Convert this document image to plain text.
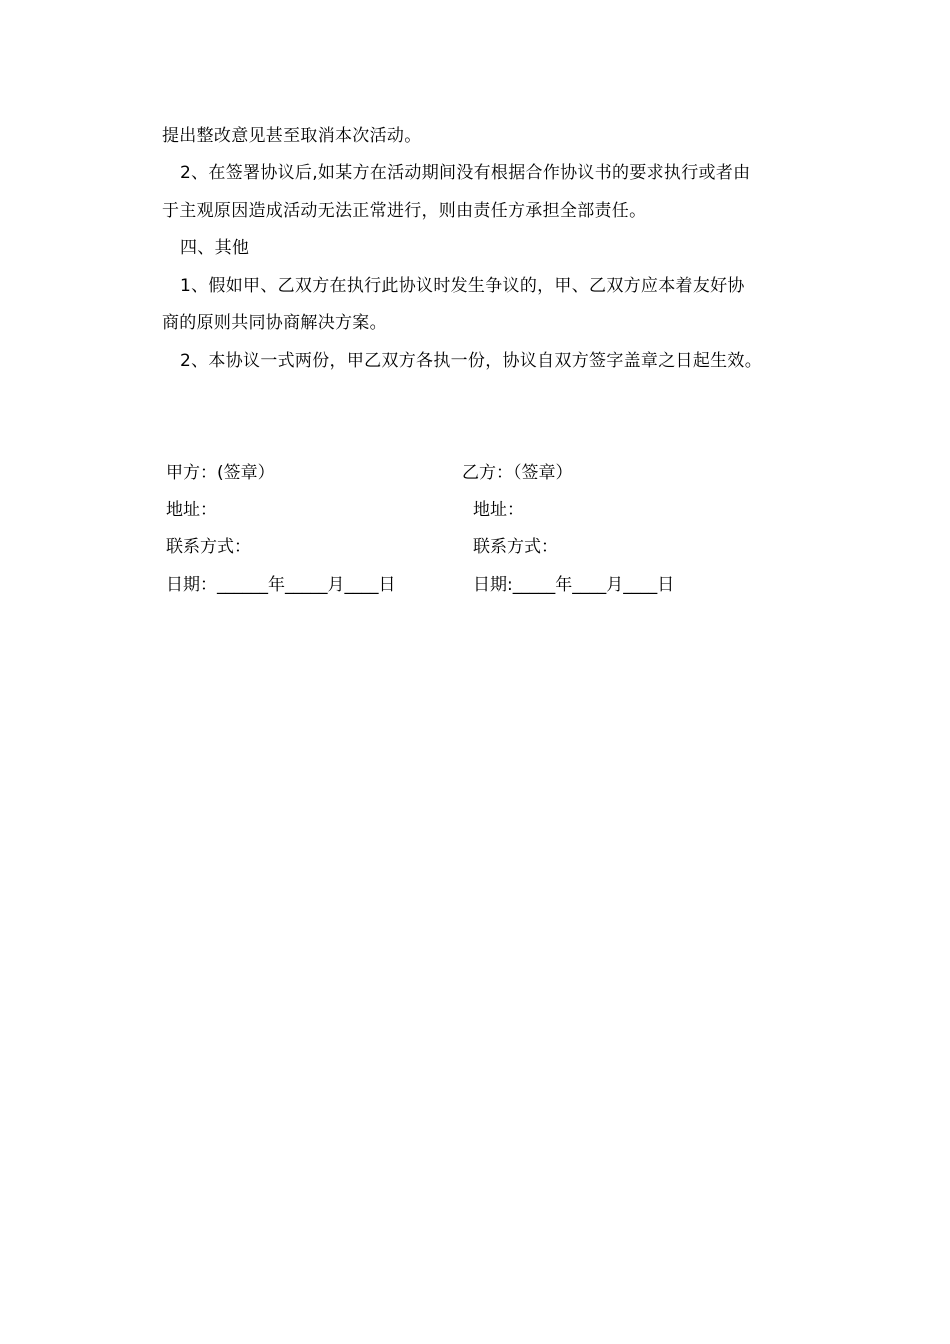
提出整改意见甚至取消本次活动。
2、在签署协议后,如某方在活动期间没有根据合作协议书的要求执行或者由
于主观原因造成活动无法正常进行，则由责任方承担全部责任。
四、其他
1、假如甲、乙双方在执行此协议时发生争议的，甲、乙双方应本着友好协
商的原则共同协商解决方案。
2、本协议一式两份，甲乙双方各执一份，协议自双方签字盖章之日起生效。
甲方：(签章）
地址：
联系方式：
日期：______年_____月____日
乙方：（签章）
地址：
联系方式：
日期:_____年____月____日
